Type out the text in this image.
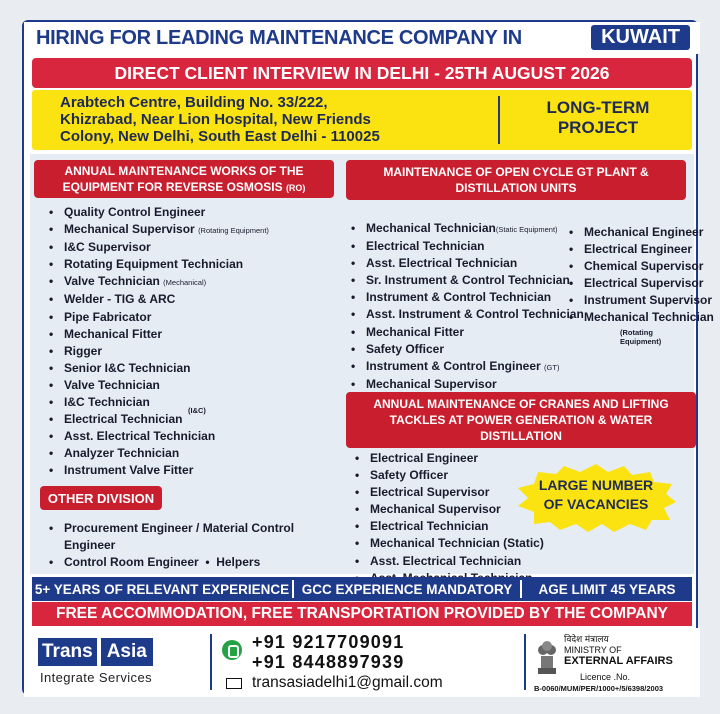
HIRING FOR LEADING MAINTENANCE COMPANY IN	KUWAIT
DIRECT CLIENT INTERVIEW IN DELHI - 25TH AUGUST 2026
Arabtech Centre, Building No. 33/222,
Khizrabad, Near Lion Hospital, New Friends
Colony, New Delhi, South East Delhi - 110025
LONG-TERM
PROJECT
ANNUAL MAINTENANCE WORKS OF THE
EQUIPMENT FOR REVERSE OSMOSIS (RO)
• Quality Control Engineer
• Mechanical Supervisor (Rotating Equipment)
• I&C Supervisor
• Rotating Equipment Technician
• Valve Technician (Mechanical)
• Welder - TIG & ARC
• Pipe Fabricator
• Mechanical Fitter
• Rigger
• Senior I&C Technician
• Valve Technician
• I&C Technician
• Electrical Technician
• Asst. Electrical Technician
• Analyzer Technician
• Instrument Valve Fitter
(I&C)
OTHER DIVISION
• Procurement Engineer / Material Control
Engineer
• Control Room Engineer  •  Helpers
MAINTENANCE OF OPEN CYCLE GT PLANT &
DISTILLATION UNITS
• Mechanical Technician(Static Equipment)
• Electrical Technician
• Asst. Electrical Technician
• Sr. Instrument & Control Technician
• Instrument & Control Technician
• Asst. Instrument & Control Technician
• Mechanical Fitter
• Safety Officer
• Instrument & Control Engineer (GT)
• Mechanical Supervisor
• Mechanical Engineer
• Electrical Engineer
• Chemical Supervisor
• Electrical Supervisor
• Instrument Supervisor
• Mechanical Technician
(Rotating Equipment)
ANNUAL MAINTENANCE OF CRANES AND LIFTING
TACKLES AT POWER GENERATION & WATER
DISTILLATION
• Electrical Engineer
• Safety Officer
• Electrical Supervisor
• Mechanical Supervisor
• Electrical Technician
• Mechanical Technician (Static)
• Asst. Electrical Technician
•
LARGE NUMBER
OF VACANCIES
5+ YEARS OF RELEVANT EXPERIENCE GCC EXPERIENCE MANDATORY	AGE LIMIT 45 YEARS
FREE ACCOMMODATION, FREE TRANSPORTATION PROVIDED BY THE COMPANY
Trans Asia
Integrate Services
+91 9217709091
+91 8448897939
transasiadelhi1@gmail.com
विदेश मंत्रालय
MINISTRY OF
EXTERNAL AFFAIRS
Licence .No.
B-0060/MUM/PER/1000+/5/6398/2003
